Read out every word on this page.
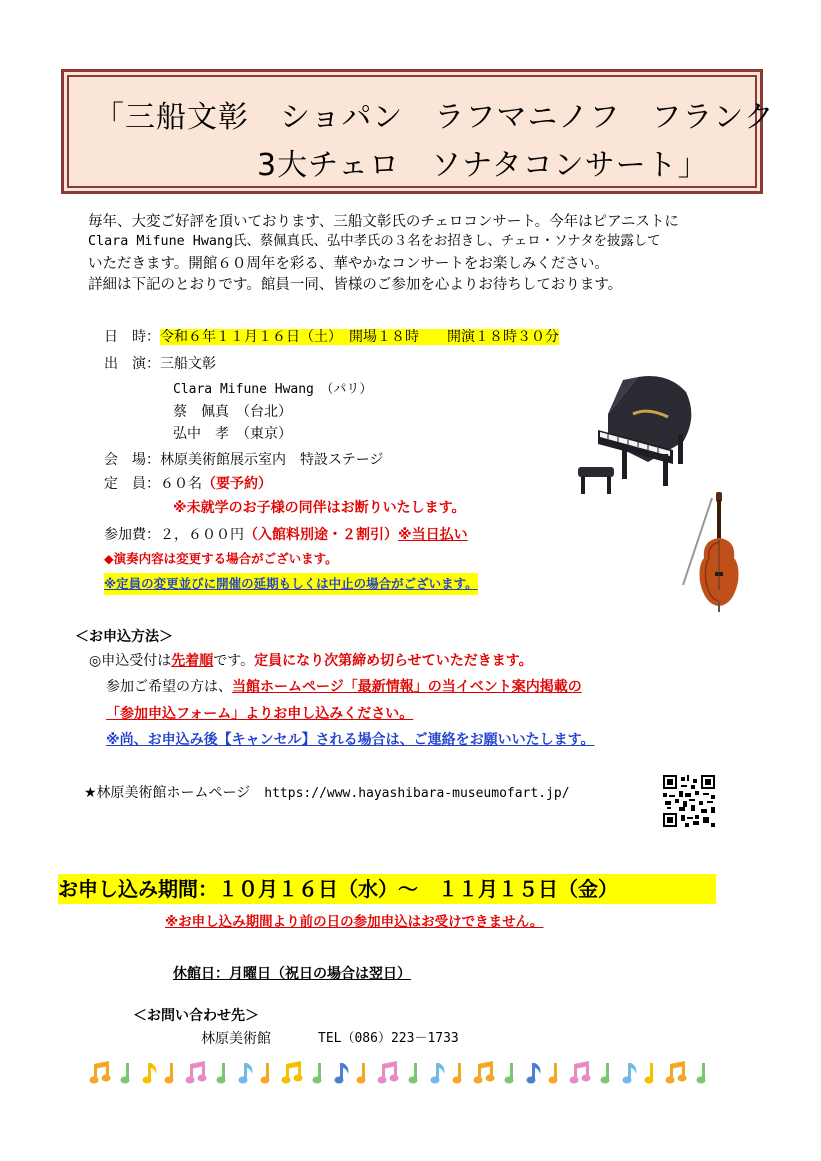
「三船文彰　ショパン　ラフマニノフ　フランク
3大チェロ　ソナタコンサート」
毎年、大変ご好評を頂いております、三船文彰氏のチェロコンサート。今年はピアニストに
Clara Mifune Hwang氏、蔡佩真氏、弘中孝氏の３名をお招きし、チェロ・ソナタを披露して
いただきます。開館６０周年を彩る、華やかなコンサートをお楽しみください。
詳細は下記のとおりです。館員一同、皆様のご参加を心よりお待ちしております。
日　時：令和６年１１月１６日（土）　開場１８時　　開演１８時３０分
出　演：三船文彰
Clara Mifune Hwang　（パリ）
蔡　佩真　（台北）
弘中　孝　（東京）
会　場：林原美術館展示室内　特設ステージ
定　員：６０名（要予約）
※未就学のお子様の同伴はお断りいたします。
参加費：２，６００円（入館料別途・２割引）※当日払い
◆演奏内容は変更する場合がございます。
※定員の変更並びに開催の延期もしくは中止の場合がございます。
＜お申込方法＞
◎申込受付は先着順です。定員になり次第締め切らせていただきます。
参加ご希望の方は、当館ホームページ「最新情報」の当イベント案内掲載の
「参加申込フォーム」よりお申し込みください。
※尚、お申込み後【キャンセル】される場合は、ご連絡をお願いいたします。
★林原美術館ホームページ　 https://www.hayashibara-museumofart.jp/
お申し込み期間：１０月１６日（水）～　１１月１５日（金）
※お申し込み期間より前の日の参加申込はお受けできません。
休館日：月曜日（祝日の場合は翌日）
＜お問い合わせ先＞
林原美術館	TEL（086）223－1733
